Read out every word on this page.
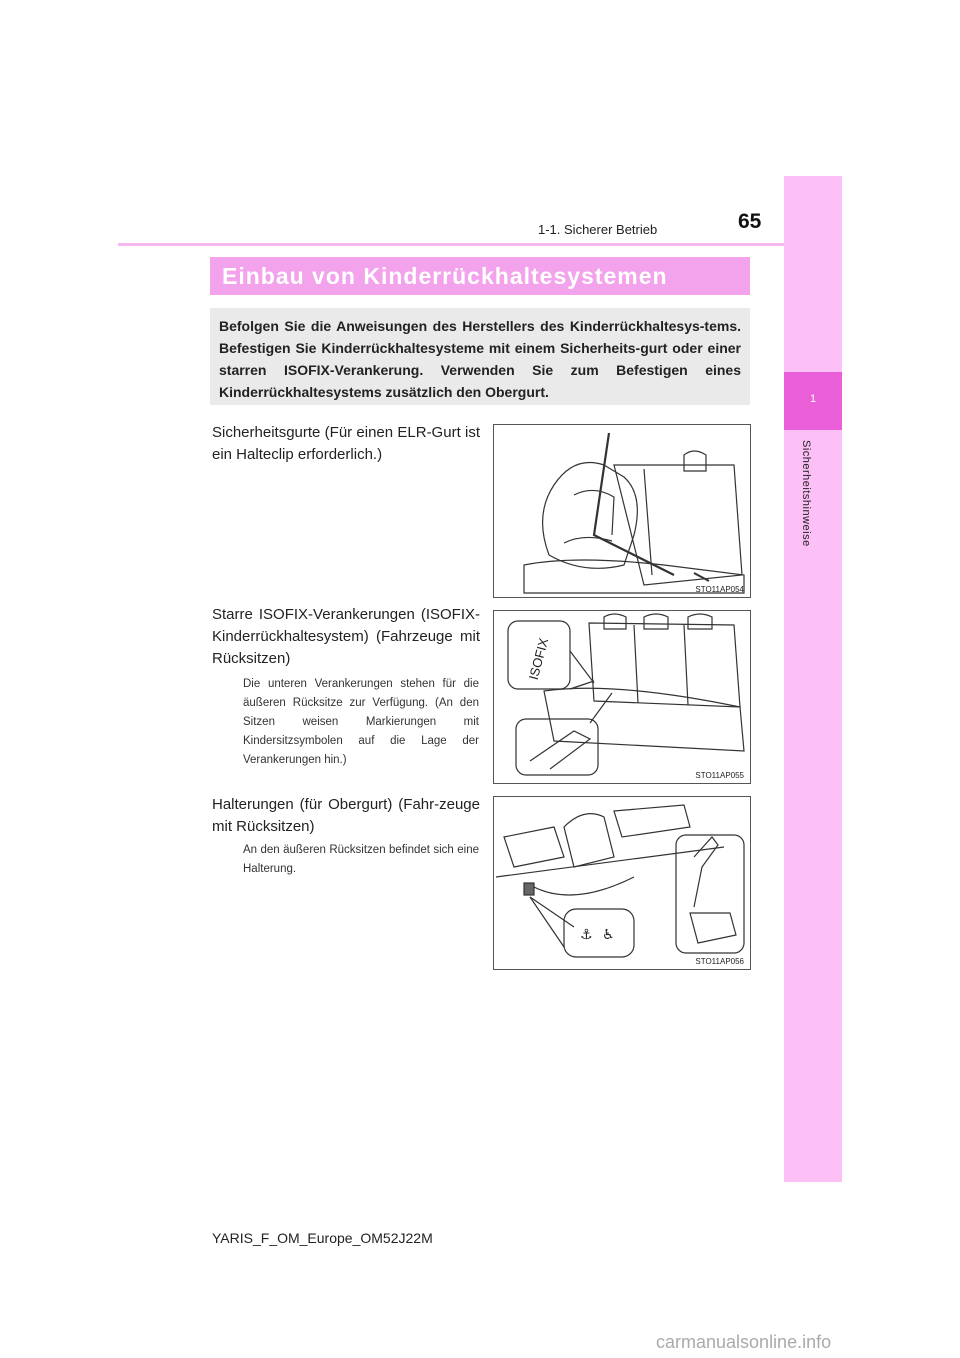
1
Sicherheitshinweise
1-1. Sicherer Betrieb	65
Einbau von Kinderrückhaltesystemen
Befolgen Sie die Anweisungen des Herstellers des Kinderrückhaltesys-tems. Befestigen Sie Kinderrückhaltesysteme mit einem Sicherheits-gurt oder einer starren ISOFIX-Verankerung. Verwenden Sie zum Befestigen eines Kinderrückhaltesystems zusätzlich den Obergurt.
Sicherheitsgurte (Für einen ELR-Gurt ist ein Halteclip erforderlich.)
STO11AP054
Starre ISOFIX-Verankerungen (ISOFIX-Kinderrückhaltesystem) (Fahrzeuge mit Rücksitzen)
Die unteren Verankerungen stehen für die äußeren Rücksitze zur Verfügung. (An den Sitzen weisen Markierungen mit Kindersitzsymbolen auf die Lage der Verankerungen hin.)
ISOFIX
STO11AP055
Halterungen (für Obergurt) (Fahr-zeuge mit Rücksitzen)
An den äußeren Rücksitzen befindet sich eine Halterung.
⚓ ♿
STO11AP056
YARIS_F_OM_Europe_OM52J22M
carmanualsonline.info
